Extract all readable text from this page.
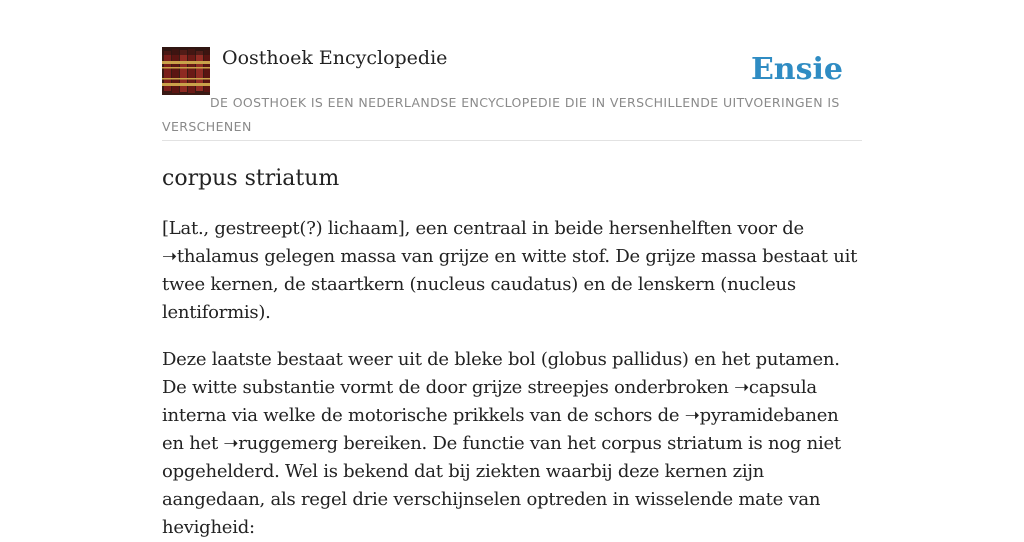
Oosthoek Encyclopedie	Ensie
DE OOSTHOEK IS EEN NEDERLANDSE ENCYCLOPEDIE DIE IN VERSCHILLENDE UITVOERINGEN IS VERSCHENEN
corpus striatum

[Lat., gestreept(?) lichaam], een centraal in beide hersenhelften voor de ➝thalamus gelegen massa van grijze en witte stof. De grijze massa bestaat uit twee kernen, de staartkern (nucleus caudatus) en de lenskern (nucleus lentiformis).

Deze laatste bestaat weer uit de bleke bol (globus pallidus) en het putamen. De witte substantie vormt de door grijze streepjes onderbroken ➝capsula interna via welke de motorische prikkels van de schors de ➝pyramidebanen en het ➝ruggemerg bereiken. De functie van het corpus striatum is nog niet opgehelderd. Wel is bekend dat bij ziekten waarbij deze kernen zijn aangedaan, als regel drie verschijnselen optreden in wisselende mate van hevigheid:
